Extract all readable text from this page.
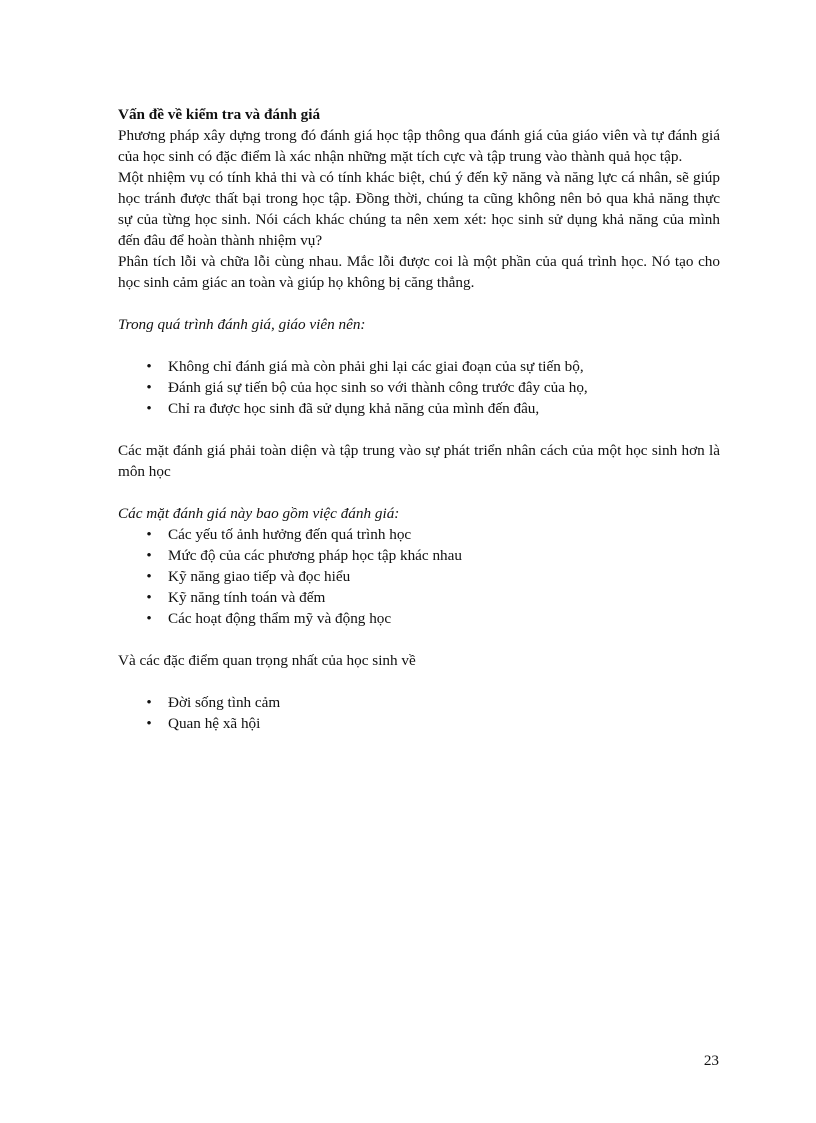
Vấn đề về kiểm tra và đánh giá

Phương pháp xây dựng trong đó đánh giá học tập thông qua đánh giá của giáo viên và tự đánh giá của học sinh có đặc điểm là xác nhận những mặt tích cực và tập trung vào thành quả học tập.

Một nhiệm vụ có tính khả thi và có tính khác biệt, chú ý đến kỹ năng và năng lực cá nhân, sẽ giúp học tránh được thất bại trong học tập. Đồng thời, chúng ta cũng không nên bỏ qua khả năng thực sự của từng học sinh. Nói cách khác chúng ta nên xem xét: học sinh sử dụng khả năng của mình đến đâu để hoàn thành nhiệm vụ?

Phân tích lỗi và chữa lỗi cùng nhau. Mắc lỗi được coi là một phần của quá trình học. Nó tạo cho học sinh cảm giác an toàn và giúp họ không bị căng thẳng.

Trong quá trình đánh giá, giáo viên nên:

• Không chỉ đánh giá mà còn phải ghi lại các giai đoạn của sự tiến bộ,
• Đánh giá sự tiến bộ của học sinh so với thành công trước đây của họ,
• Chỉ ra được học sinh đã sử dụng khả năng của mình đến đâu,

Các mặt đánh giá phải toàn diện và tập trung vào sự phát triển nhân cách của một học sinh hơn là môn học

Các mặt đánh giá này bao gồm việc đánh giá:

• Các yếu tố ảnh hưởng đến quá trình học
• Mức độ của các phương pháp học tập khác nhau
• Kỹ năng giao tiếp và đọc hiểu
• Kỹ năng tính toán và đếm
• Các hoạt động thẩm mỹ và động học

Và các đặc điểm quan trọng nhất của học sinh về

• Đời sống tình cảm
• Quan hệ xã hội
23
